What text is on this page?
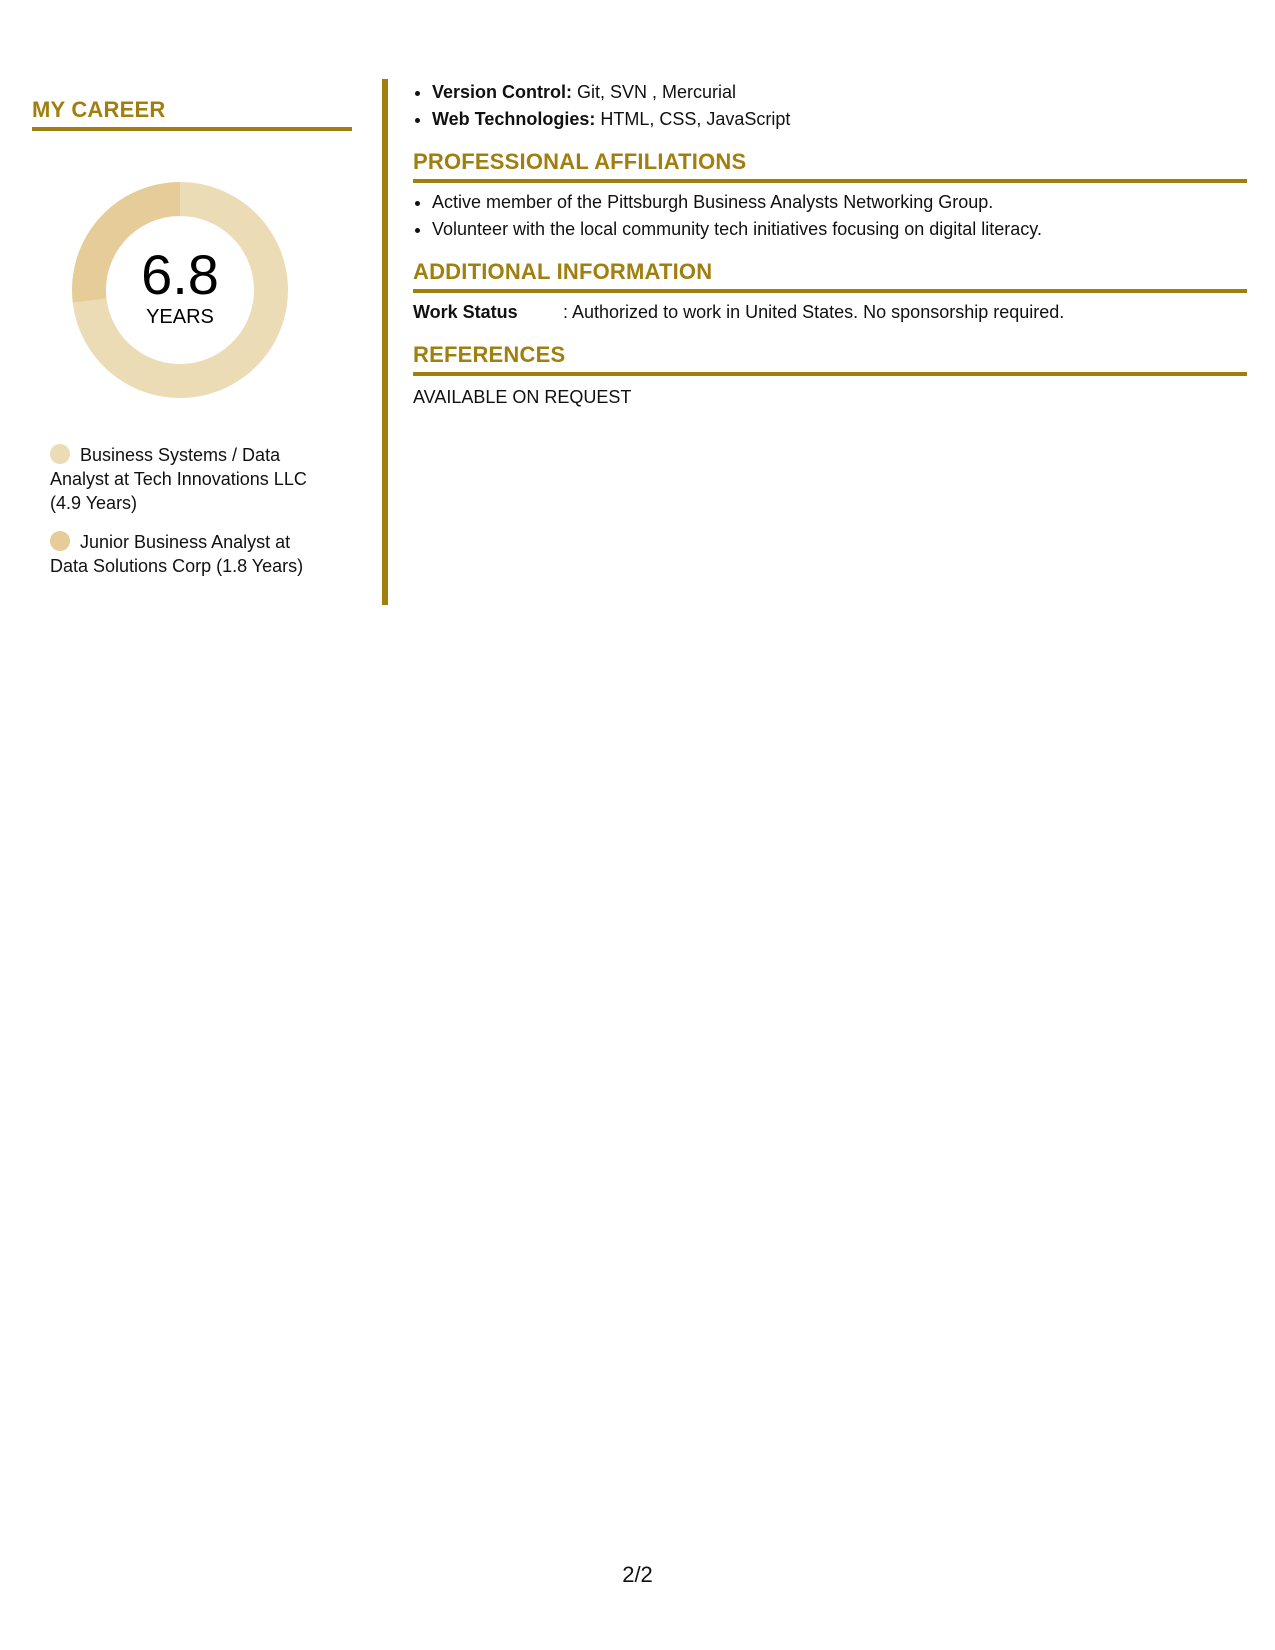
MY CAREER
6.8
YEARS
Business Systems / Data Analyst at Tech Innovations LLC (4.9 Years)
Junior Business Analyst at Data Solutions Corp (1.8 Years)
• Version Control: Git, SVN , Mercurial
• Web Technologies: HTML, CSS, JavaScript
PROFESSIONAL AFFILIATIONS
• Active member of the Pittsburgh Business Analysts Networking Group.
• Volunteer with the local community tech initiatives focusing on digital literacy.
ADDITIONAL INFORMATION
Work Status	: Authorized to work in United States. No sponsorship required.
REFERENCES
AVAILABLE ON REQUEST
2/2
